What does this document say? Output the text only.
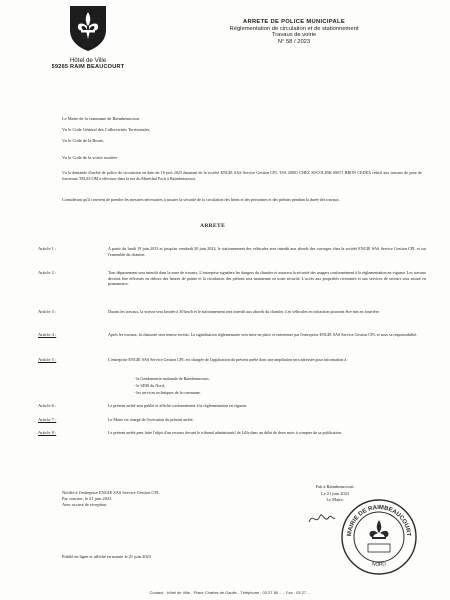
Hôtel de Ville
59265 RAIM BEAUCOURT
ARRETE DE POLICE MUNICIPALE
Réglementation de circulation et de stationnement
Travaux de voirie
N° 58 / 2023
Le Maire de la commune de Raimbeaucourt
Vu le Code Général des Collectivités Territoriales,
Vu le Code de la Route,
Vu le Code de la voirie routière
Vu la demande d'arrêté de police de circulation en date du 16 juin 2023 émanant de la société ENGIE SAS Service Gestion CPL TSA 20001 CHEZ SOCOLINK 69671 BRON CEDEX relatif aux travaux de pose de fourreaux TELECOM à effectuer dans la rue du Maréchal Foch à Raimbeaucourt.
Considérant qu'il convient de prendre les mesures nécessaires à assurer la sécurité de la circulation des biens et des personnes et des piétons pendant la durée des travaux.
ARRETE
Article 1 :	A partir du lundi 19 juin 2023 et jusqu'au vendredi 30 juin 2023, le stationnement des véhicules sera interdit aux abords des ouvrages chez la société ENGIE SAS Service Gestion CPL et sur l'ensemble du chantier.
Article 2 :	Tout dépassement sera interdit dans la zone de travaux. L'entreprise signalera les dangers du chantier et assurera la sécurité des usagers conformément à la réglementation en vigueur. Les travaux devront être effectués en dehors des heures de pointe et la circulation des piétons sera maintenue en toute sécurité. L'accès aux propriétés riveraines et aux services de secours sera assuré en permanence.
Article 3 :	Durant les travaux, la vitesse sera limitée à 30 km/h et le stationnement sera interdit aux abords du chantier. Les véhicules en infraction pourront être mis en fourrière.
Article 4 :	Après les travaux, la chaussée sera remise en état. La signalisation réglementaire sera mise en place et entretenue par l'entreprise ENGIE SAS Service Gestion CPL et sous sa responsabilité.
Article 5 :	L'entreprise ENGIE SAS Service Gestion CPL est chargée de l'application du présent arrêté dont une ampliation sera adressée pour information à :
- la Gendarmerie nationale de Raimbeaucourt,
- le SDIS du Nord,
- les services techniques de la commune.
Article 6 :	Le présent arrêté sera publié et affiché conformément à la réglementation en vigueur.
Article 7 :	Le Maire est chargé de l'exécution du présent arrêté.
Article 8 :	Le présent arrêté peut faire l'objet d'un recours devant le tribunal administratif de Lille dans un délai de deux mois à compter de sa publication.
Notifié à l'entreprise ENGIE SAS Service Gestion CPL
Par courrier, le 21 juin 2023
Avec accusé de réception
Fait à Raimbeaucourt,
Le 21 juin 2023
Le Maire,
MAIRIE DE RAIMBEAUCOURT
NORD
Publié en ligne et affiché en mairie le 21 juin 2023
Contact : Hôtel de Ville - Place Charles de Gaulle - Téléphone : 03 27 80 ... - Fax : 03 27 ...
